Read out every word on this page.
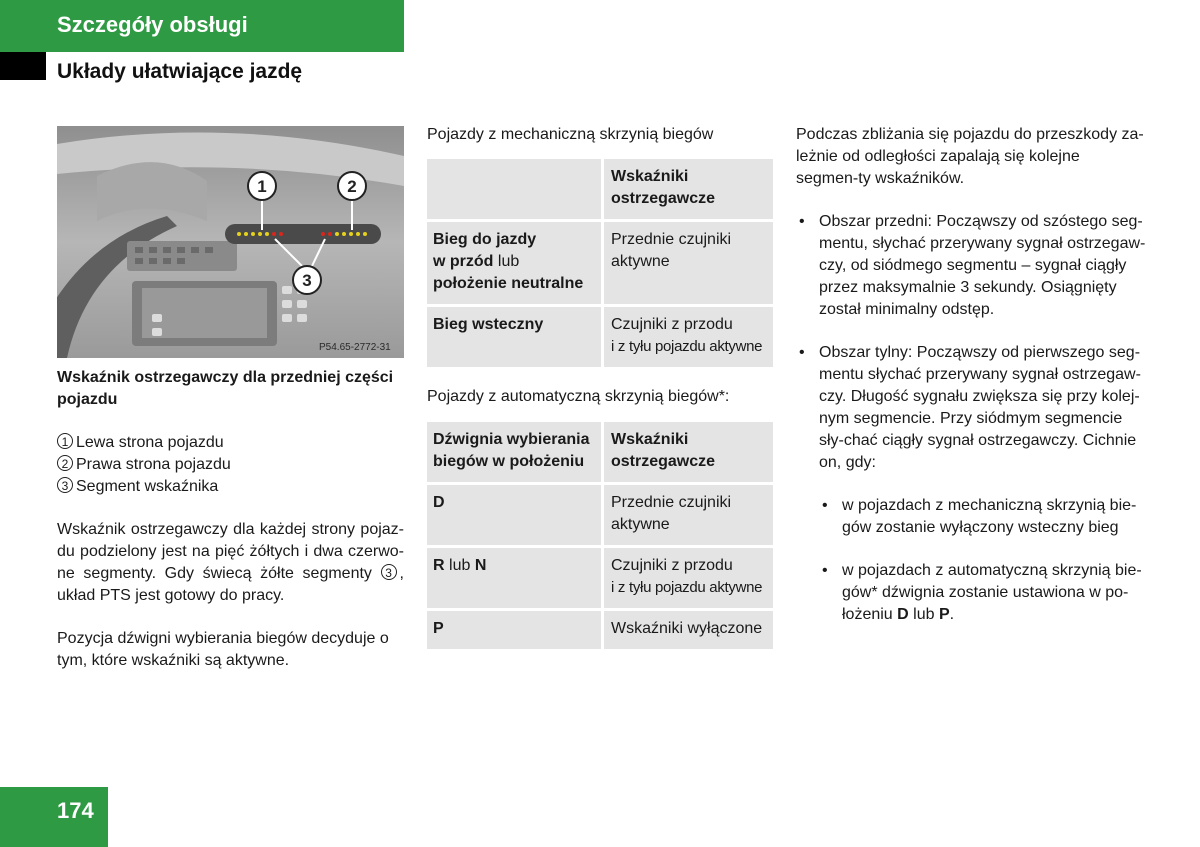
Szczegóły obsługi
Układy ułatwiające jazdę
1	2
3
P54.65-2772-31
Wskaźnik ostrzegawczy dla przedniej części pojazdu
1 Lewa strona pojazdu
2 Prawa strona pojazdu
3 Segment wskaźnika
Wskaźnik ostrzegawczy dla każdej strony pojaz-du podzielony jest na pięć żółtych i dwa czerwo-ne segmenty. Gdy świecą żółte segmenty 3 , układ PTS jest gotowy do pracy.
Pozycja dźwigni wybierania biegów decyduje o tym, które wskaźniki są aktywne.
Pojazdy z mechaniczną skrzynią biegów
	Wskaźniki ostrzegawcze
Bieg do jazdy
w przód lub
położenie neutralne	Przednie czujniki aktywne
Bieg wsteczny	Czujniki z przodu
i z tyłu pojazdu aktywne
Pojazdy z automatyczną skrzynią biegów*:
Dźwignia wybierania biegów w położeniu	Wskaźniki ostrzegawcze
D	Przednie czujniki aktywne
R lub N	Czujniki z przodu
i z tyłu pojazdu aktywne
P	Wskaźniki wyłączone
Podczas zbliżania się pojazdu do przeszkody za-leżnie od odległości zapalają się kolejne segmen-ty wskaźników.
• Obszar przedni: Począwszy od szóstego seg-mentu, słychać przerywany sygnał ostrzegaw-czy, od siódmego segmentu – sygnał ciągły przez maksymalnie 3 sekundy. Osiągnięty został minimalny odstęp.
• Obszar tylny: Począwszy od pierwszego seg-mentu słychać przerywany sygnał ostrzegaw-czy. Długość sygnału zwiększa się przy kolej-nym segmencie. Przy siódmym segmencie sły-chać ciągły sygnał ostrzegawczy. Cichnie on, gdy:
• w pojazdach z mechaniczną skrzynią bie-gów zostanie wyłączony wsteczny bieg
• w pojazdach z automatyczną skrzynią bie-gów* dźwignia zostanie ustawiona w po-łożeniu D lub P.
174
